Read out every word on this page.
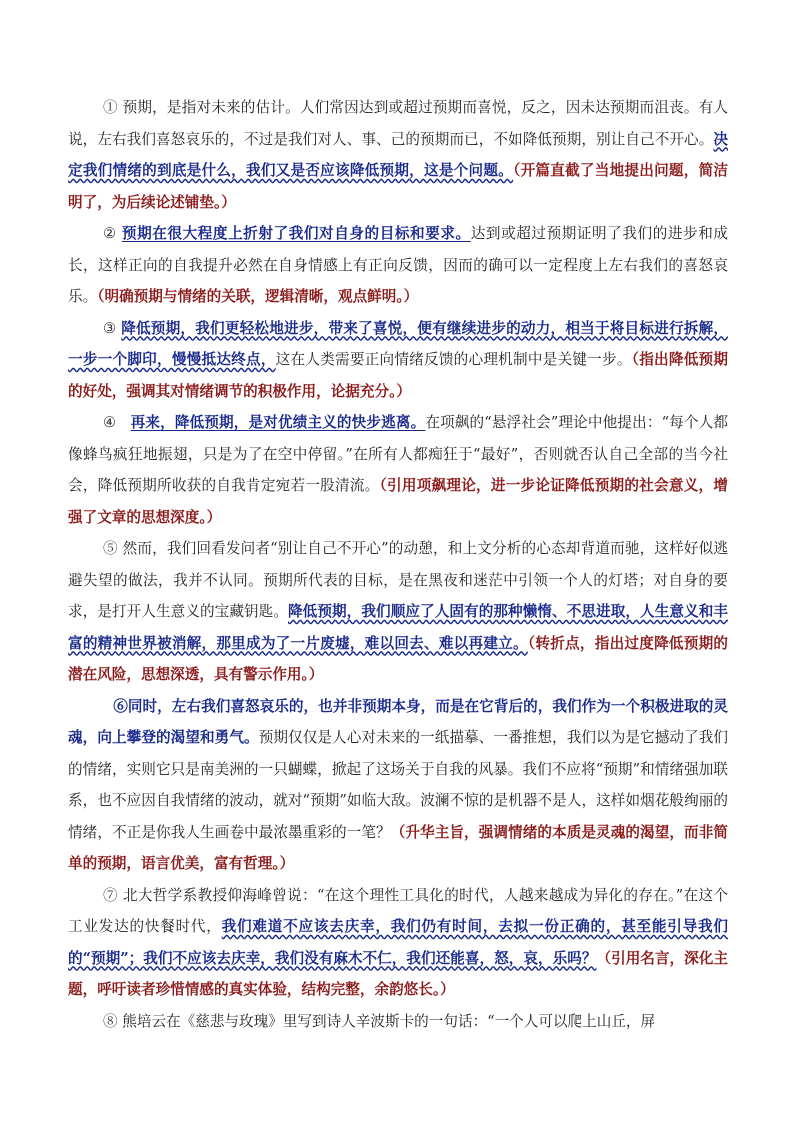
① 预期，是指对未来的估计。人们常因达到或超过预期而喜悦，反之，因未达预期而沮丧。有人说，左右我们喜怒哀乐的，不过是我们对人、事、己的预期而已，不如降低预期，别让自己不开心。决定我们情绪的到底是什么，我们又是否应该降低预期，这是个问题。（开篇直截了当地提出问题，简洁明了，为后续论述铺垫。）

② 预期在很大程度上折射了我们对自身的目标和要求。达到或超过预期证明了我们的进步和成长，这样正向的自我提升必然在自身情感上有正向反馈，因而的确可以一定程度上左右我们的喜怒哀乐。（明确预期与情绪的关联，逻辑清晰，观点鲜明。）

③ 降低预期，我们更轻松地进步，带来了喜悦，便有继续进步的动力，相当于将目标进行拆解，一步一个脚印，慢慢抵达终点，这在人类需要正向情绪反馈的心理机制中是关键一步。（指出降低预期的好处，强调其对情绪调节的积极作用，论据充分。）

④ 再来，降低预期，是对优绩主义的快步逃离。在项飙的“悬浮社会”理论中他提出：“每个人都像蜂鸟疯狂地振翅，只是为了在空中停留。”在所有人都痴狂于“最好”，否则就否认自己全部的当今社会，降低预期所收获的自我肯定宛若一股清流。（引用项飙理论，进一步论证降低预期的社会意义，增强了文章的思想深度。）

⑤ 然而，我们回看发问者“别让自己不开心”的动憩，和上文分析的心态却背道而驰，这样好似逃避失望的做法，我并不认同。预期所代表的目标，是在黑夜和迷茫中引领一个人的灯塔；对自身的要求，是打开人生意义的宝藏钥匙。降低预期，我们顺应了人固有的那种懒惰、不思进取，人生意义和丰富的精神世界被消解，那里成为了一片废墟，难以回去、难以再建立。（转折点，指出过度降低预期的潜在风险，思想深透，具有警示作用。）

⑥同时，左右我们喜怒哀乐的，也并非预期本身，而是在它背后的，我们作为一个积极进取的灵魂，向上攀登的渴望和勇气。预期仅仅是人心对未来的一纸描摹、一番推想，我们以为是它撼动了我们的情绪，实则它只是南美洲的一只蝴蝶，掀起了这场关于自我的风暴。我们不应将“预期”和情绪强加联系，也不应因自我情绪的波动，就对“预期”如临大敌。波澜不惊的是机器不是人，这样如烟花般绚丽的情绪，不正是你我人生画卷中最浓墨重彩的一笔？（升华主旨，强调情绪的本质是灵魂的渴望，而非简单的预期，语言优美，富有哲理。）

⑦ 北大哲学系教授仰海峰曾说：“在这个理性工具化的时代，人越来越成为异化的存在。”在这个工业发达的快餐时代，我们难道不应该去庆幸，我们仍有时间，去拟一份正确的，甚至能引导我们的“预期”；我们不应该去庆幸，我们没有麻木不仁，我们还能喜，怒，哀，乐吗？（引用名言，深化主题，呼吁读者珍惜情感的真实体验，结构完整，余韵悠长。）

⑧ 熊培云在《慈悲与玫瑰》里写到诗人辛波斯卡的一句话：“一个人可以爬上山丘，屏
